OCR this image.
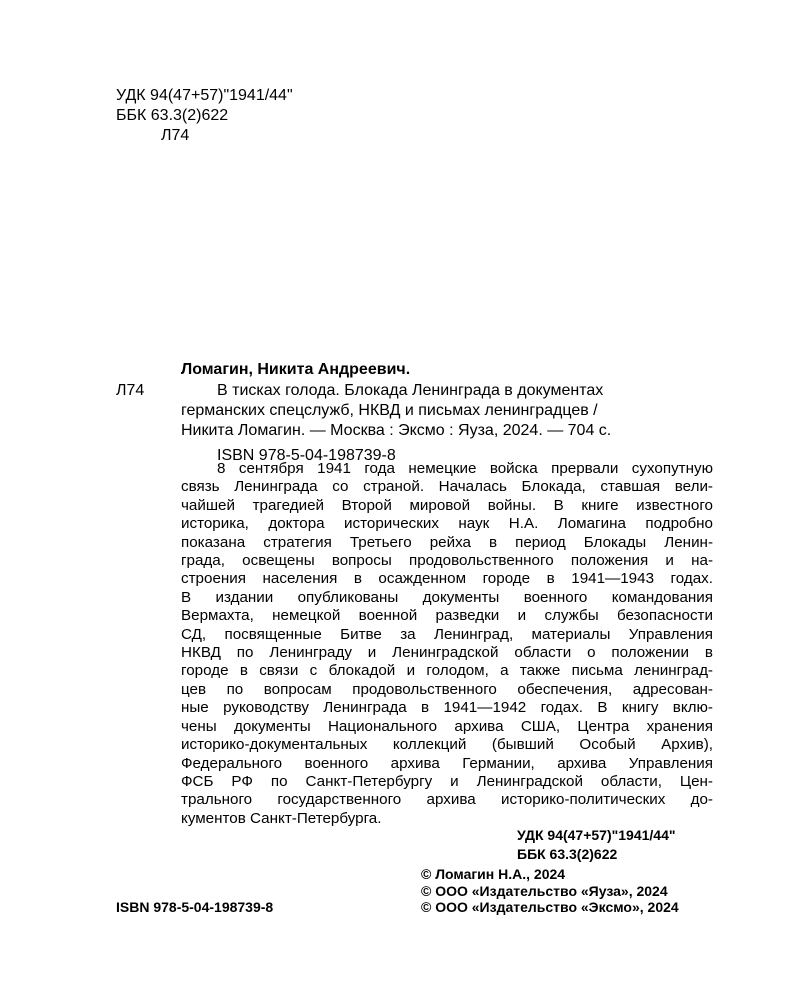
УДК 94(47+57)"1941/44"
ББК 63.3(2)622
Л74
Ломагин, Никита Андреевич.
Л74	В тисках голода. Блокада Ленинграда в документах
германских спецслужб, НКВД и письмах ленинградцев /
Никита Ломагин. — Москва : Эксмо : Яуза, 2024. — 704 с.
ISBN 978-5-04-198739-8
8 сентября 1941 года немецкие войска прервали сухопутную
связь Ленинграда со страной. Началась Блокада, ставшая вели-
чайшей трагедией Второй мировой войны. В книге известного
историка, доктора исторических наук Н.А. Ломагина подробно
показана стратегия Третьего рейха в период Блокады Ленин-
града, освещены вопросы продовольственного положения и на-
строения населения в осажденном городе в 1941—1943 годах.
В издании опубликованы документы военного командования
Вермахта, немецкой военной разведки и службы безопасности
СД, посвященные Битве за Ленинград, материалы Управления
НКВД по Ленинграду и Ленинградской области о положении в
городе в связи с блокадой и голодом, а также письма ленинград-
цев по вопросам продовольственного обеспечения, адресован-
ные руководству Ленинграда в 1941—1942 годах. В книгу вклю-
чены документы Национального архива США, Центра хранения
историко-документальных коллекций (бывший Особый Архив),
Федерального военного архива Германии, архива Управления
ФСБ РФ по Санкт-Петербургу и Ленинградской области, Цен-
трального государственного архива историко-политических до-
кументов Санкт-Петербурга.
УДК 94(47+57)"1941/44"
ББК 63.3(2)622
ISBN 978-5-04-198739-8
© Ломагин Н.А., 2024
© ООО «Издательство «Яуза», 2024
© ООО «Издательство «Эксмо», 2024
